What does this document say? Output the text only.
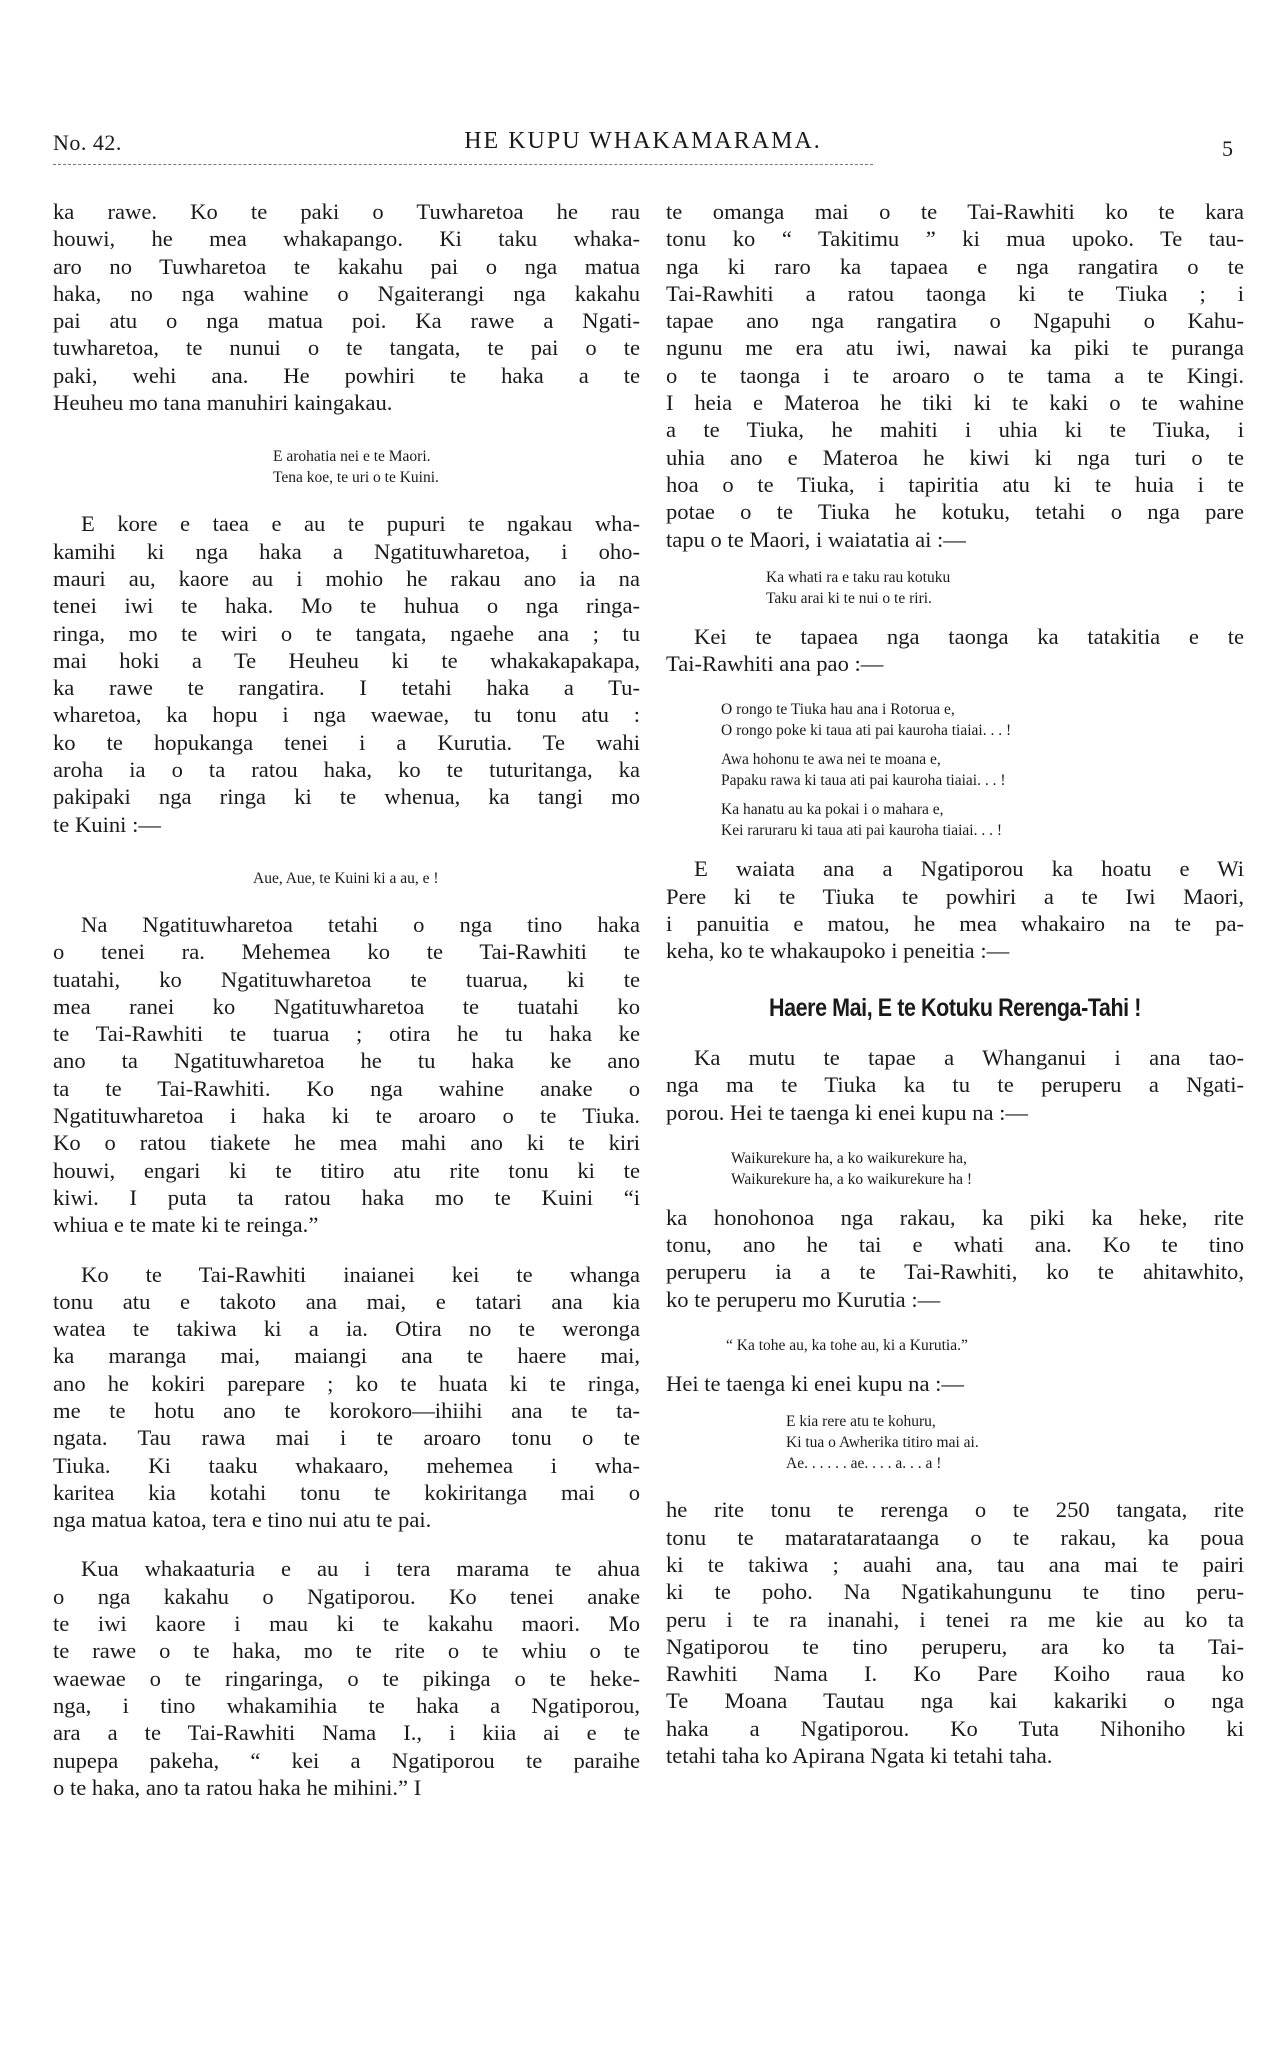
No. 42.	HE KUPU WHAKAMARAMA.	5
ka rawe. Ko te paki o Tuwharetoa he rau
houwi, he mea whakapango. Ki taku whaka-
aro no Tuwharetoa te kakahu pai o nga matua
haka, no nga wahine o Ngaiterangi nga kakahu
pai atu o nga matua poi. Ka rawe a Ngati-
tuwharetoa, te nunui o te tangata, te pai o te
paki, wehi ana. He powhiri te haka a te
Heuheu mo tana manuhiri kaingakau.
E arohatia nei e te Maori.
Tena koe, te uri o te Kuini.
E kore e taea e au te pupuri te ngakau wha-
kamihi ki nga haka a Ngatituwharetoa, i oho-
mauri au, kaore au i mohio he rakau ano ia na
tenei iwi te haka. Mo te huhua o nga ringa-
ringa, mo te wiri o te tangata, ngaehe ana ; tu
mai hoki a Te Heuheu ki te whakakapakapa,
ka rawe te rangatira. I tetahi haka a Tu-
wharetoa, ka hopu i nga waewae, tu tonu atu :
ko te hopukanga tenei i a Kurutia. Te wahi
aroha ia o ta ratou haka, ko te tuturitanga, ka
pakipaki nga ringa ki te whenua, ka tangi mo
te Kuini :—
Aue, Aue, te Kuini ki a au, e !
Na Ngatituwharetoa tetahi o nga tino haka
o tenei ra. Mehemea ko te Tai-Rawhiti te
tuatahi, ko Ngatituwharetoa te tuarua, ki te
mea ranei ko Ngatituwharetoa te tuatahi ko
te Tai-Rawhiti te tuarua ; otira he tu haka ke
ano ta Ngatituwharetoa he tu haka ke ano
ta te Tai-Rawhiti. Ko nga wahine anake o
Ngatituwharetoa i haka ki te aroaro o te Tiuka.
Ko o ratou tiakete he mea mahi ano ki te kiri
houwi, engari ki te titiro atu rite tonu ki te
kiwi. I puta ta ratou haka mo te Kuini “i
whiua e te mate ki te reinga.”
Ko te Tai-Rawhiti inaianei kei te whanga
tonu atu e takoto ana mai, e tatari ana kia
watea te takiwa ki a ia. Otira no te weronga
ka maranga mai, maiangi ana te haere mai,
ano he kokiri parepare ; ko te huata ki te ringa,
me te hotu ano te korokoro—ihiihi ana te ta-
ngata. Tau rawa mai i te aroaro tonu o te
Tiuka. Ki taaku whakaaro, mehemea i wha-
karitea kia kotahi tonu te kokiritanga mai o
nga matua katoa, tera e tino nui atu te pai.
Kua whakaaturia e au i tera marama te ahua
o nga kakahu o Ngatiporou. Ko tenei anake
te iwi kaore i mau ki te kakahu maori. Mo
te rawe o te haka, mo te rite o te whiu o te
waewae o te ringaringa, o te pikinga o te heke-
nga, i tino whakamihia te haka a Ngatiporou,
ara a te Tai-Rawhiti Nama I., i kiia ai e te
nupepa pakeha, “ kei a Ngatiporou te paraihe
o te haka, ano ta ratou haka he mihini.” I
te omanga mai o te Tai-Rawhiti ko te kara
tonu ko “ Takitimu ” ki mua upoko. Te tau-
nga ki raro ka tapaea e nga rangatira o te
Tai-Rawhiti a ratou taonga ki te Tiuka ; i
tapae ano nga rangatira o Ngapuhi o Kahu-
ngunu me era atu iwi, nawai ka piki te puranga
o te taonga i te aroaro o te tama a te Kingi.
I heia e Materoa he tiki ki te kaki o te wahine
a te Tiuka, he mahiti i uhia ki te Tiuka, i
uhia ano e Materoa he kiwi ki nga turi o te
hoa o te Tiuka, i tapiritia atu ki te huia i te
potae o te Tiuka he kotuku, tetahi o nga pare
tapu o te Maori, i waiatatia ai :—
Ka whati ra e taku rau kotuku
Taku arai ki te nui o te riri.
Kei te tapaea nga taonga ka tatakitia e te
Tai-Rawhiti ana pao :—
O rongo te Tiuka hau ana i Rotorua e,
O rongo poke ki taua ati pai kauroha tiaiai. . . !
Awa hohonu te awa nei te moana e,
Papaku rawa ki taua ati pai kauroha tiaiai. . . !
Ka hanatu au ka pokai i o mahara e,
Kei raruraru ki taua ati pai kauroha tiaiai. . . !
E waiata ana a Ngatiporou ka hoatu e Wi
Pere ki te Tiuka te powhiri a te Iwi Maori,
i panuitia e matou, he mea whakairo na te pa-
keha, ko te whakaupoko i peneitia :—
Haere Mai, E te Kotuku Rerenga-Tahi !
Ka mutu te tapae a Whanganui i ana tao-
nga ma te Tiuka ka tu te peruperu a Ngati-
porou. Hei te taenga ki enei kupu na :—
Waikurekure ha, a ko waikurekure ha,
Waikurekure ha, a ko waikurekure ha !
ka honohonoa nga rakau, ka piki ka heke, rite
tonu, ano he tai e whati ana. Ko te tino
peruperu ia a te Tai-Rawhiti, ko te ahitawhito,
ko te peruperu mo Kurutia :—
“ Ka tohe au, ka tohe au, ki a Kurutia.”
Hei te taenga ki enei kupu na :—
E kia rere atu te kohuru,
Ki tua o Awherika titiro mai ai.
Ae. . . . . . ae. . . . a. . . a !
he rite tonu te rerenga o te 250 tangata, rite
tonu te mataratarataanga o te rakau, ka poua
ki te takiwa ; auahi ana, tau ana mai te pairi
ki te poho. Na Ngatikahungunu te tino peru-
peru i te ra inanahi, i tenei ra me kie au ko ta
Ngatiporou te tino peruperu, ara ko ta Tai-
Rawhiti Nama I. Ko Pare Koiho raua ko
Te Moana Tautau nga kai kakariki o nga
haka a Ngatiporou. Ko Tuta Nihoniho ki
tetahi taha ko Apirana Ngata ki tetahi taha.
